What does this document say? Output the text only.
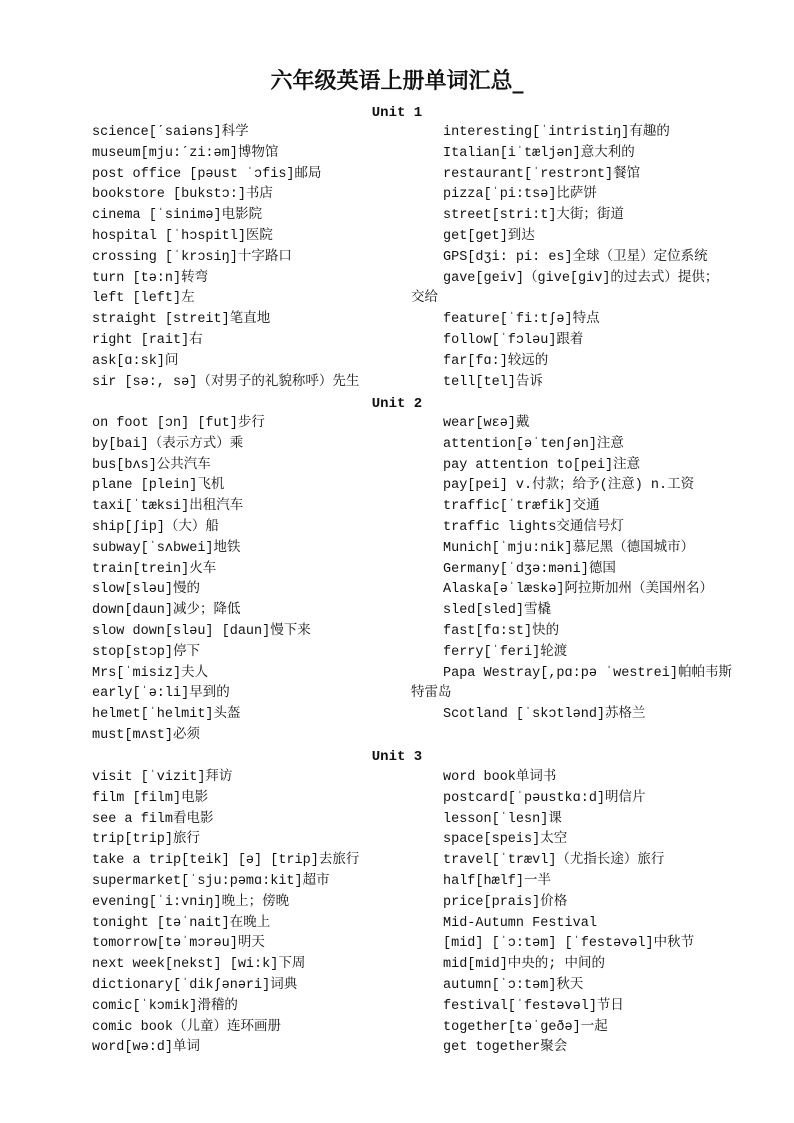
六年级英语上册单词汇总_
Unit 1
science[ˊsaiəns]科学
museum[mju:ˊzi:əm]博物馆
post office [pəust ˈɔfis]邮局
bookstore [bukstɔ:]书店
cinema [ˈsinimə]电影院
hospital [ˈhɔspitl]医院
crossing [ˈkrɔsiŋ]十字路口
turn [tə:n]转弯
left [left]左
straight [streit]笔直地
right [rait]右
ask[ɑ:sk]问
sir [sə:, sə]（对男子的礼貌称呼）先生
interesting[ˈintristiŋ]有趣的
Italian[iˈtæljən]意大利的
restaurant[ˈrestrɔnt]餐馆
pizza[ˈpi:tsə]比萨饼
street[stri:t]大街；街道
get[ɡet]到达
GPS[dʒi: pi: es]全球（卫星）定位系统
gave[ɡeiv]（give[ɡiv]的过去式）提供；
交给
feature[ˈfi:tʃə]特点
follow[ˈfɔləu]跟着
far[fɑ:]较远的
tell[tel]告诉
Unit 2
on foot [ɔn] [fut]步行
by[bai]（表示方式）乘
bus[bʌs]公共汽车
plane [plein]飞机
taxi[ˈtæksi]出租汽车
ship[ʃip]（大）船
subway[ˈsʌbwei]地铁
train[trein]火车
slow[sləu]慢的
down[daun]减少；降低
slow down[sləu] [daun]慢下来
stop[stɔp]停下
Mrs[ˈmisiz]夫人
early[ˈə:li]早到的
helmet[ˈhelmit]头盔
must[mʌst]必须
wear[wεə]戴
attention[əˈtenʃən]注意
pay attention to[pei]注意
pay[pei] v.付款；给予(注意) n.工资
traffic[ˈtræfik]交通
traffic lights交通信号灯
Munich[ˈmju:nik]慕尼黑（德国城市）
Germany[ˈdʒə:məni]德国
Alaska[əˈlæskə]阿拉斯加州（美国州名）
sled[sled]雪橇
fast[fɑ:st]快的
ferry[ˈferi]轮渡
Papa Westray[,pɑ:pə ˈwestrei]帕帕韦斯
特雷岛
Scotland [ˈskɔtlənd]苏格兰
Unit 3
visit [ˈvizit]拜访
film [film]电影
see a film看电影
trip[trip]旅行
take a trip[teik] [ə] [trip]去旅行
supermarket[ˈsju:pəmɑ:kit]超市
evening[ˈi:vniŋ]晚上；傍晚
tonight [təˈnait]在晚上
tomorrow[təˈmɔrəu]明天
next week[nekst] [wi:k]下周
dictionary[ˈdikʃənəri]词典
comic[ˈkɔmik]滑稽的
comic book（儿童）连环画册
word[wə:d]单词
word book单词书
postcard[ˈpəustkɑ:d]明信片
lesson[ˈlesn]课
space[speis]太空
travel[ˈtrævl]（尤指长途）旅行
half[hælf]一半
price[prais]价格
Mid-Autumn Festival
[mid] [ˈɔ:təm] [ˈfestəvəl]中秋节
mid[mid]中央的; 中间的
autumn[ˈɔ:təm]秋天
festival[ˈfestəvəl]节日
together[təˈɡeðə]一起
get together聚会
